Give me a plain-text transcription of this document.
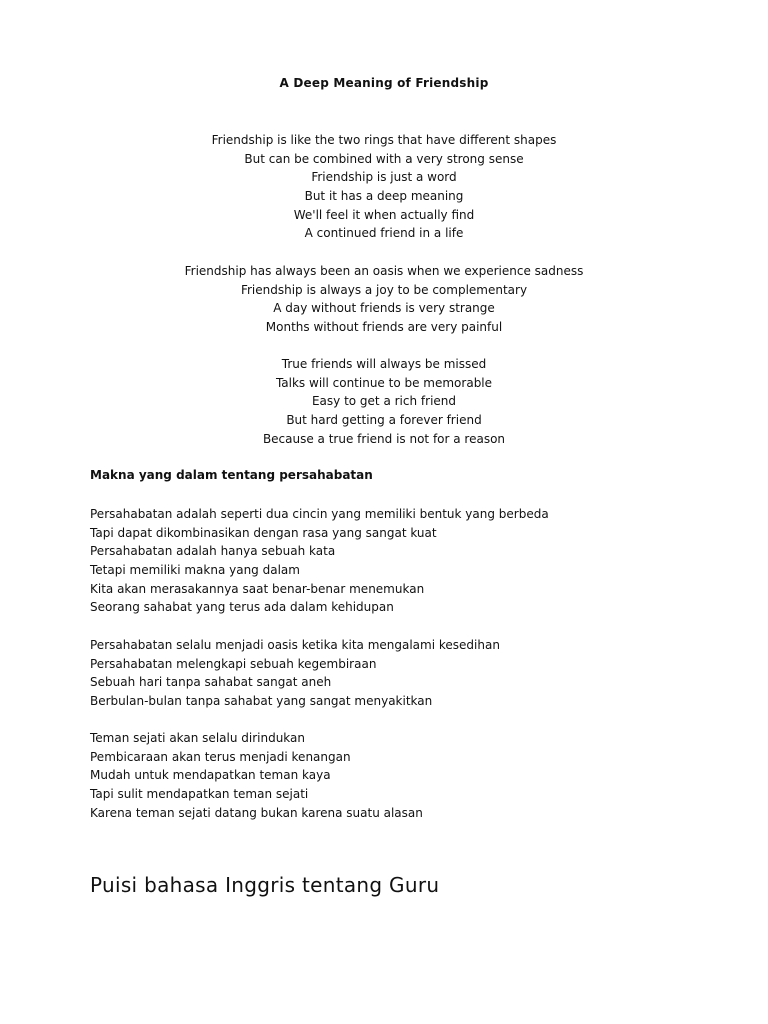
A Deep Meaning of Friendship
Friendship is like the two rings that have different shapes
But can be combined with a very strong sense
Friendship is just a word
But it has a deep meaning
We'll feel it when actually find
A continued friend in a life
Friendship has always been an oasis when we experience sadness
Friendship is always a joy to be complementary
A day without friends is very strange
Months without friends are very painful
True friends will always be missed
Talks will continue to be memorable
Easy to get a rich friend
But hard getting a forever friend
Because a true friend is not for a reason
Makna yang dalam tentang persahabatan
Persahabatan adalah seperti dua cincin yang memiliki bentuk yang berbeda
Tapi dapat dikombinasikan dengan rasa yang sangat kuat
Persahabatan adalah hanya sebuah kata
Tetapi memiliki makna yang dalam
Kita akan merasakannya saat benar-benar menemukan
Seorang sahabat yang terus ada dalam kehidupan
Persahabatan selalu menjadi oasis ketika kita mengalami kesedihan
Persahabatan melengkapi sebuah kegembiraan
Sebuah hari tanpa sahabat sangat aneh
Berbulan-bulan tanpa sahabat yang sangat menyakitkan
Teman sejati akan selalu dirindukan
Pembicaraan akan terus menjadi kenangan
Mudah untuk mendapatkan teman kaya
Tapi sulit mendapatkan teman sejati
Karena teman sejati datang bukan karena suatu alasan
Puisi bahasa Inggris tentang Guru
